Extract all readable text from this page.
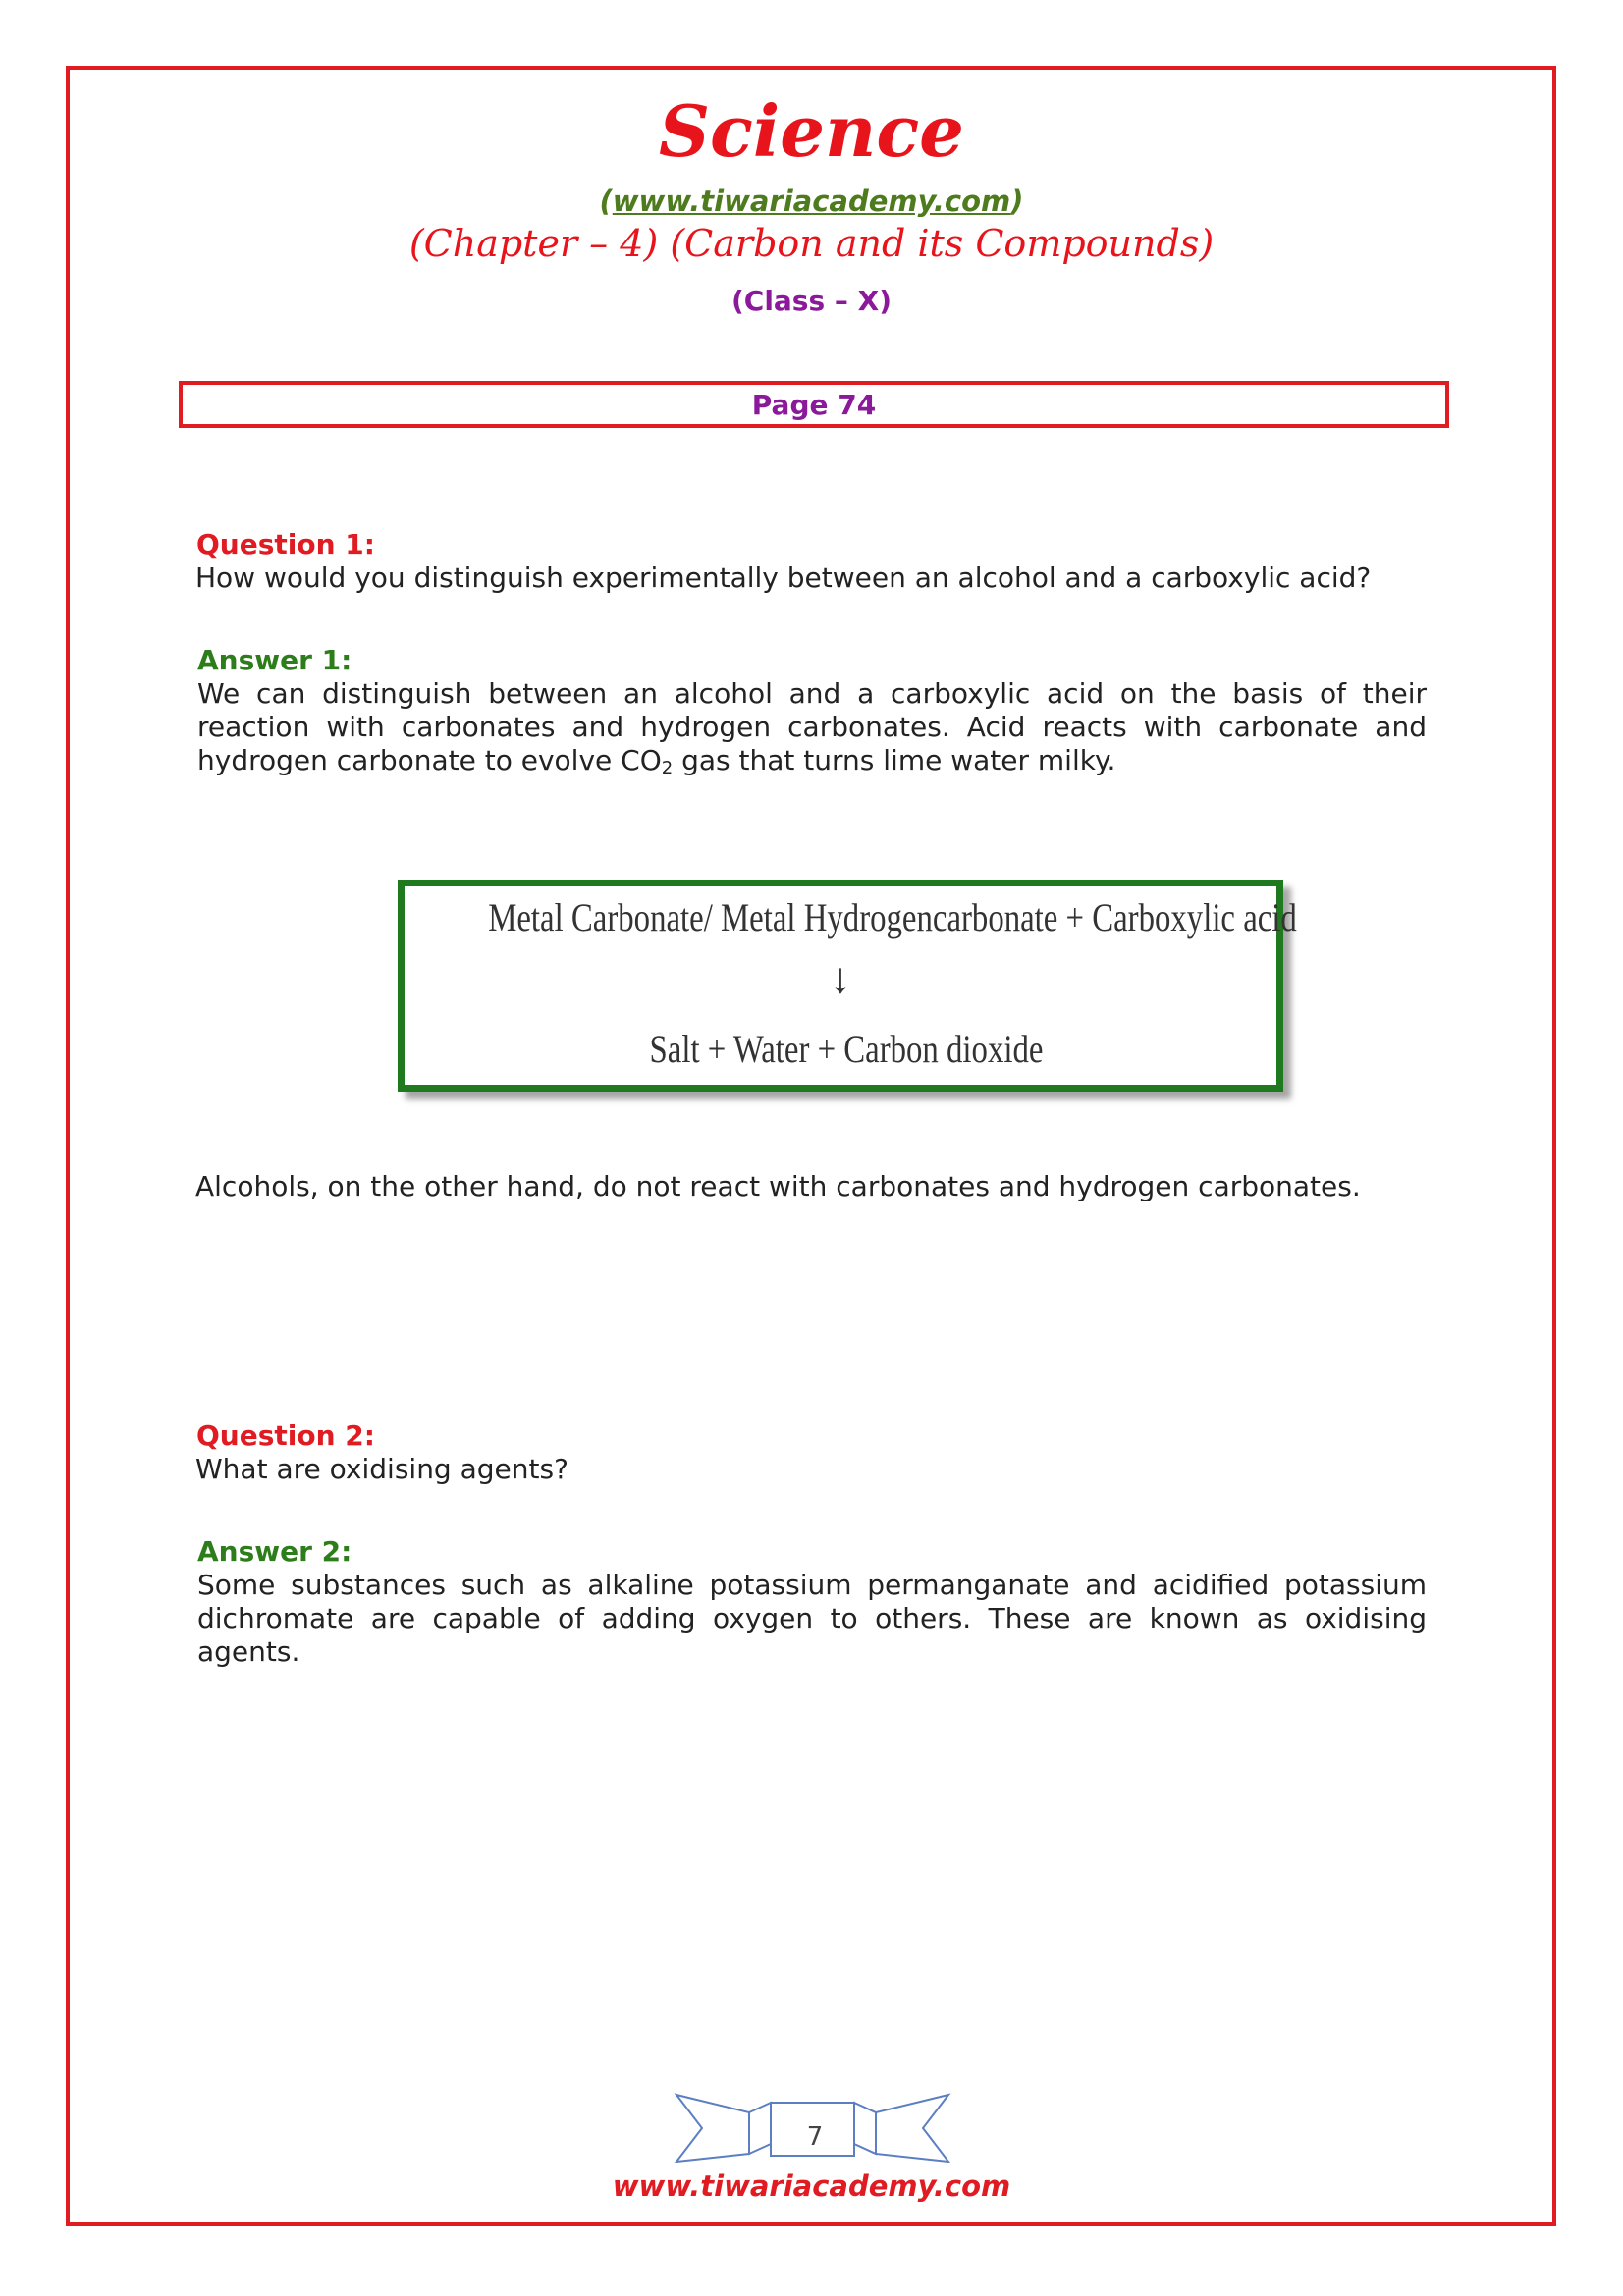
Science
(www.tiwariacademy.com)
(Chapter – 4) (Carbon and its Compounds)
(Class – X)
Page 74
Question 1:
How would you distinguish experimentally between an alcohol and a carboxylic acid?
Answer 1:
We can distinguish between an alcohol and a carboxylic acid on the basis of their reaction with carbonates and hydrogen carbonates. Acid reacts with carbonate and hydrogen carbonate to evolve $CO_2$ gas that turns lime water milky.
Metal Carbonate/ Metal Hydrogencarbonate + Carboxylic acid
↓
Salt + Water + Carbon dioxide
Alcohols, on the other hand, do not react with carbonates and hydrogen carbonates.
Question 2:
What are oxidising agents?
Answer 2:
Some substances such as alkaline potassium permanganate and acidified potassium dichromate are capable of adding oxygen to others. These are known as oxidising agents.
7
www.tiwariacademy.com
